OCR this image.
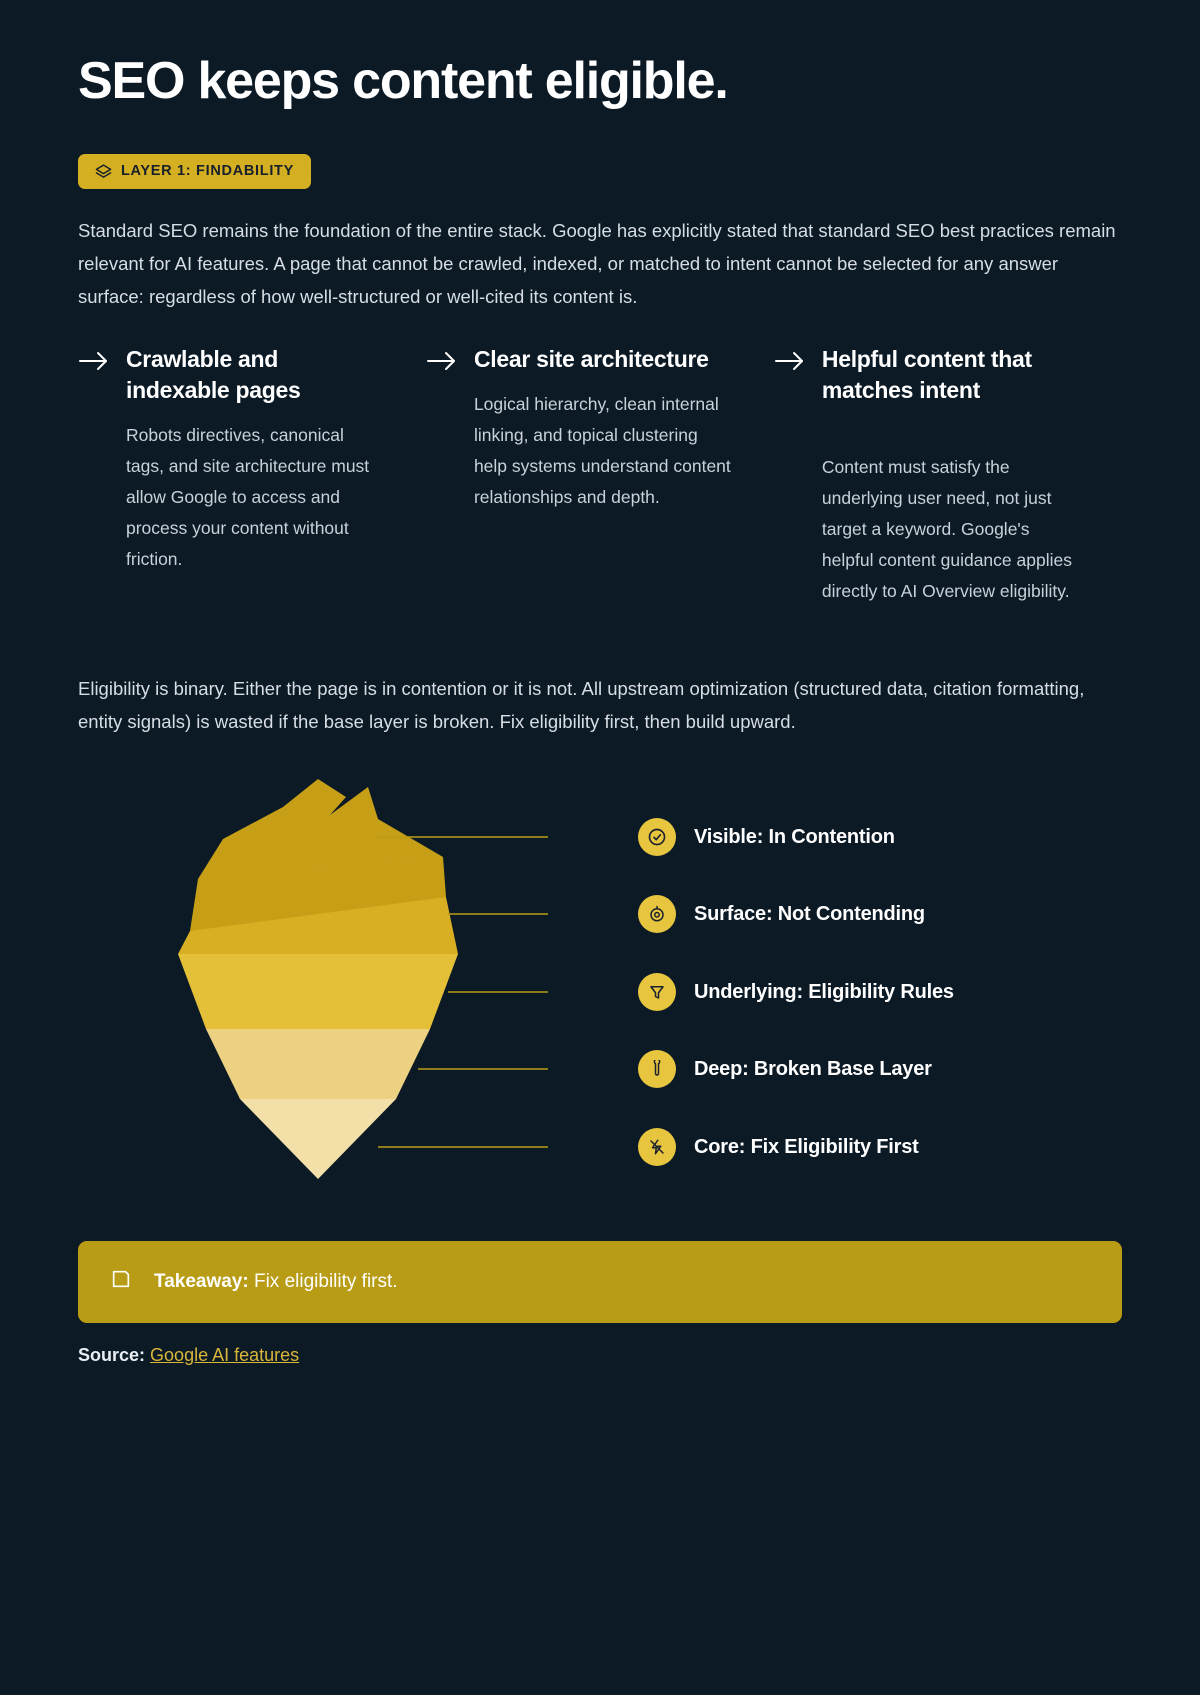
SEO keeps content eligible.
LAYER 1: FINDABILITY

Standard SEO remains the foundation of the entire stack. Google has explicitly stated that standard SEO best practices remain relevant for AI features. A page that cannot be crawled, indexed, or matched to intent cannot be selected for any answer surface: regardless of how well-structured or well-cited its content is.

Crawlable and indexable pages

Robots directives, canonical tags, and site architecture must allow Google to access and process your content without friction.

Clear site architecture

Logical hierarchy, clean internal linking, and topical clustering help systems understand content relationships and depth.

Helpful content that matches intent

Content must satisfy the underlying user need, not just target a keyword. Google's helpful content guidance applies directly to AI Overview eligibility.

Eligibility is binary. Either the page is in contention or it is not. All upstream optimization (structured data, citation formatting, entity signals) is wasted if the base layer is broken. Fix eligibility first, then build upward.

Visible: In Contention
Surface: Not Contending
Underlying: Eligibility Rules
Deep: Broken Base Layer
Core: Fix Eligibility First
Takeaway: Fix eligibility first.
Source: Google AI features
